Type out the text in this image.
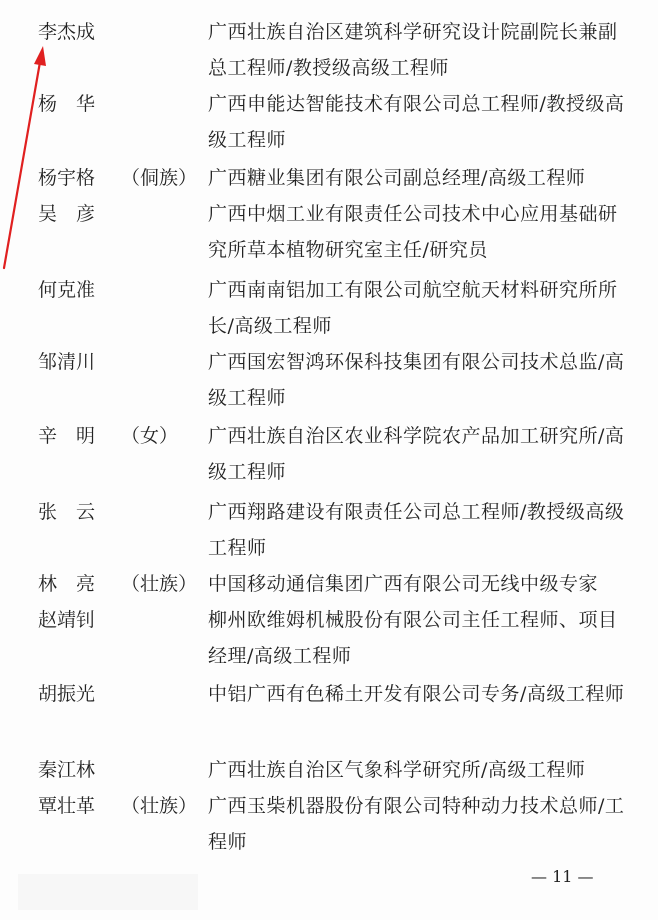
李杰成	广西壮族自治区建筑科学研究设计院副院长兼副总工程师/教授级高级工程师
杨　华	广西申能达智能技术有限公司总工程师/教授级高级工程师
杨宇格 （侗族） 广西糖业集团有限公司副总经理/高级工程师
吴　彦	广西中烟工业有限责任公司技术中心应用基础研究所草本植物研究室主任/研究员
何克准	广西南南铝加工有限公司航空航天材料研究所所长/高级工程师
邹清川	广西国宏智鸿环保科技集团有限公司技术总监/高级工程师
辛　明 （女） 广西壮族自治区农业科学院农产品加工研究所/高级工程师
张　云	广西翔路建设有限责任公司总工程师/教授级高级工程师
林　亮 （壮族） 中国移动通信集团广西有限公司无线中级专家
赵靖钊	柳州欧维姆机械股份有限公司主任工程师、项目经理/高级工程师
胡振光	中铝广西有色稀土开发有限公司专务/高级工程师
秦江林	广西壮族自治区气象科学研究所/高级工程师
覃壮革 （壮族） 广西玉柴机器股份有限公司特种动力技术总师/工程师
— 11 —
